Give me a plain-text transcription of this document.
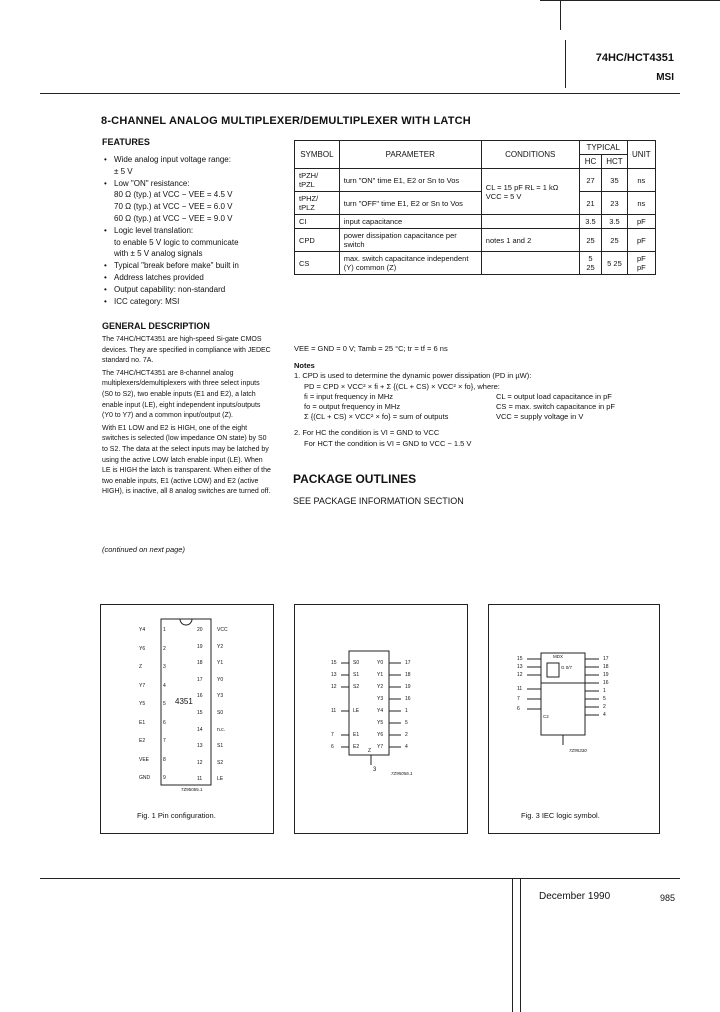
74HC/HCT4351
MSI
8-CHANNEL ANALOG MULTIPLEXER/DEMULTIPLEXER WITH LATCH
FEATURES
• Wide analog input voltage range:
± 5 V
• Low "ON" resistance:
80 Ω (typ.) at VCC − VEE = 4.5 V
70 Ω (typ.) at VCC − VEE = 6.0 V
60 Ω (typ.) at VCC − VEE = 9.0 V
• Logic level translation:
to enable 5 V logic to communicate
with ± 5 V analog signals
• Typical "break before make" built in
• Address latches provided
• Output capability: non-standard
• ICC category: MSI
GENERAL DESCRIPTION

The 74HC/HCT4351 are high-speed Si-gate CMOS devices. They are specified in compliance with JEDEC standard no. 7A.

The 74HC/HCT4351 are 8-channel analog multiplexers/demultiplexers with three select inputs (S0 to S2), two enable inputs (E1 and E2), a latch enable input (LE), eight independent inputs/outputs (Y0 to Y7) and a common input/output (Z).

With E1 LOW and E2 is HIGH, one of the eight switches is selected (low impedance ON state) by S0 to S2. The data at the select inputs may be latched by using the active LOW latch enable input (LE). When LE is HIGH the latch is transparent. When either of the two enable inputs, E1 (active LOW) and E2 (active HIGH), is inactive, all 8 analog switches are turned off.

(continued on next page)
SYMBOL	PARAMETER	CONDITIONS	TYPICAL		UNIT
			HC	HCT	
tPZH/ tPZL	turn "ON" time E1, E2 or Sn to Vos	CL = 15 pF RL = 1 kΩ VCC = 5 V	27	35	ns
tPHZ/ tPLZ	turn "OFF" time E1, E2 or Sn to Vos		21	23	ns
CI	input capacitance		3.5	3.5	pF
CPD	power dissipation capacitance per switch	notes 1 and 2	25	25	pF
CS	max. switch capacitance independent (Y) common (Z)		5 25	5 25	pF pF

VEE = GND = 0 V; Tamb = 25 °C; tr = tf = 6 ns

Notes

1. CPD is used to determine the dynamic power dissipation (PD in µW):

PD = CPD × VCC² × fi + Σ {(CL + CS) × VCC² × fo}, where:

fi = input frequency in MHz

fo = output frequency in MHz

Σ {(CL + CS) × VCC² × fo} = sum of outputs

CL = output load capacitance in pF

CS = max. switch capacitance in pF

VCC = supply voltage in V

2. For HC the condition is VI = GND to VCC

For HCT the condition is VI = GND to VCC − 1.5 V

PACKAGE OUTLINES
SEE PACKAGE INFORMATION SECTION
4351
Y4	1
Y6	2
Z	3
Y7	4
Y5	5
E1	6
E2	7
VEE	8
GND	9
20	VCC
19	Y2
18	Y1
17	Y0
16	Y3
15	S0
14	n.c.
13	S1
12	S2
11	LE
7Z95055.1
Fig. 1 Pin configuration.
15	S0
13	S1
12	S2
11	LE
7	E1
6	E2
Y0	17
Y1	18
Y2	19
Y3	16
Y4	1
Y5	5
Y6	2
Y7	4
Z
3
7Z95056.1
MDX
G 0/7
C2
15
13
12
11
7
6
17
18
19
16
1
5
2
4
7Z95330
Fig. 3 IEC logic symbol.
December 1990	985
